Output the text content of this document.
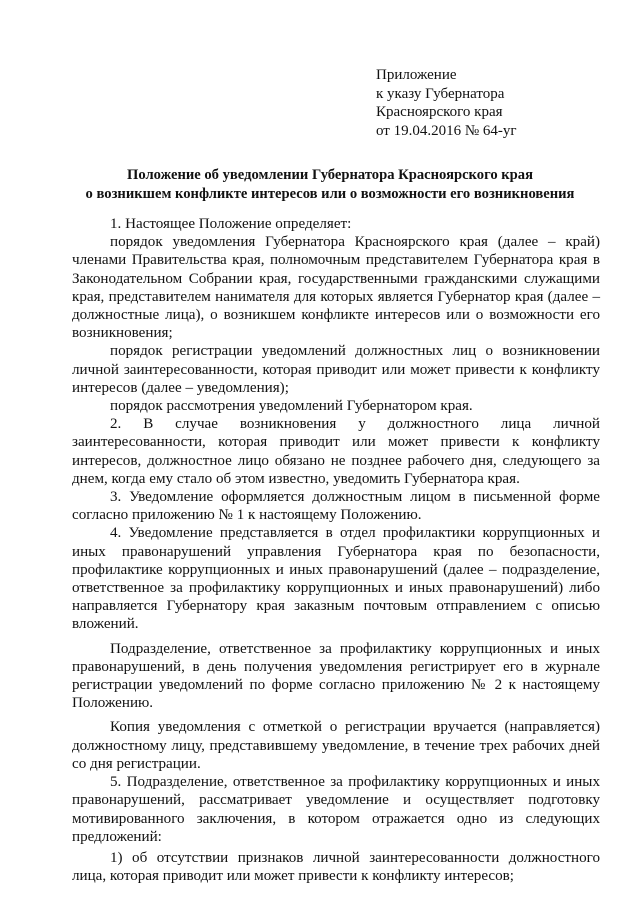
Приложение
к указу Губернатора
Красноярского края
от 19.04.2016 № 64-уг
Положение об уведомлении Губернатора Красноярского края
о возникшем конфликте интересов или о возможности его возникновения

1. Настоящее Положение определяет:

порядок уведомления Губернатора Красноярского края (далее – край) членами Правительства края, полномочным представителем Губернатора края в Законодательном Собрании края, государственными гражданскими служащими края, представителем нанимателя для которых является Губернатор края (далее – должностные лица), о возникшем конфликте интересов или о возможности его возникновения;

порядок регистрации уведомлений должностных лиц о возникновении личной заинтересованности, которая приводит или может привести к конфликту интересов (далее – уведомления);

порядок рассмотрения уведомлений Губернатором края.

2. В случае возникновения у должностного лица личной заинтересованности, которая приводит или может привести к конфликту интересов, должностное лицо обязано не позднее рабочего дня, следующего за днем, когда ему стало об этом известно, уведомить Губернатора края.

3. Уведомление оформляется должностным лицом в письменной форме согласно приложению № 1 к настоящему Положению.

4. Уведомление представляется в отдел профилактики коррупционных и иных правонарушений управления Губернатора края по безопасности, профилактике коррупционных и иных правонарушений (далее – подразделение, ответственное за профилактику коррупционных и иных правонарушений) либо направляется Губернатору края заказным почтовым отправлением с описью вложений.

Подразделение, ответственное за профилактику коррупционных и иных правонарушений, в день получения уведомления регистрирует его в журнале регистрации уведомлений по форме согласно приложению № 2 к настоящему Положению.

Копия уведомления с отметкой о регистрации вручается (направляется) должностному лицу, представившему уведомление, в течение трех рабочих дней со дня регистрации.

5. Подразделение, ответственное за профилактику коррупционных и иных правонарушений, рассматривает уведомление и осуществляет подготовку мотивированного заключения, в котором отражается одно из следующих предложений:

1) об отсутствии признаков личной заинтересованности должностного лица, которая приводит или может привести к конфликту интересов;
